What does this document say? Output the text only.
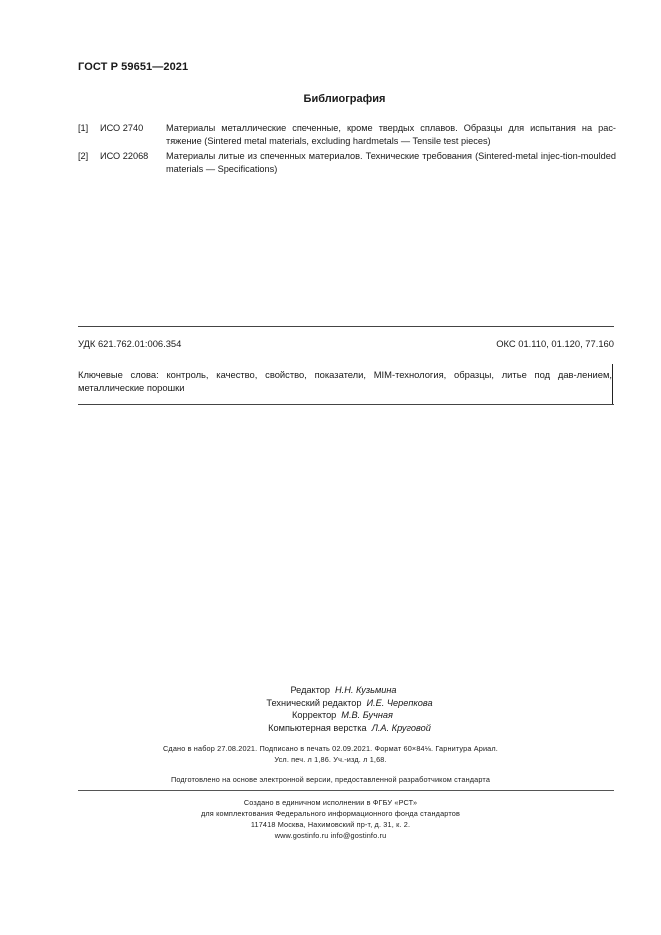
ГОСТ Р 59651—2021
Библиография
[1] ИСО 2740 Материалы металлические спеченные, кроме твердых сплавов. Образцы для испытания на рас-тяжение (Sintered metal materials, excluding hardmetals — Tensile test pieces)
[2] ИСО 22068 Материалы литые из спеченных материалов. Технические требования (Sintered-metal injec-tion-moulded materials — Specifications)
УДК 621.762.01:006.354	ОКС 01.110, 01.120, 77.160
Ключевые слова: контроль, качество, свойство, показатели, MIM-технология, образцы, литье под дав-лением, металлические порошки
Редактор Н.Н. Кузьмина
Технический редактор И.Е. Черепкова
Корректор М.В. Бучная
Компьютерная верстка Л.А. Круговой
Сдано в набор 27.08.2021. Подписано в печать 02.09.2021. Формат 60×84⅛. Гарнитура Ариал.
Усл. печ. л 1,86. Уч.-изд. л 1,68.
Подготовлено на основе электронной версии, предоставленной разработчиком стандарта
Создано в единичном исполнении в ФГБУ «РСТ»
для комплектования Федерального информационного фонда стандартов
117418 Москва, Нахимовский пр-т, д. 31, к. 2.
www.gostinfo.ru info@gostinfo.ru
